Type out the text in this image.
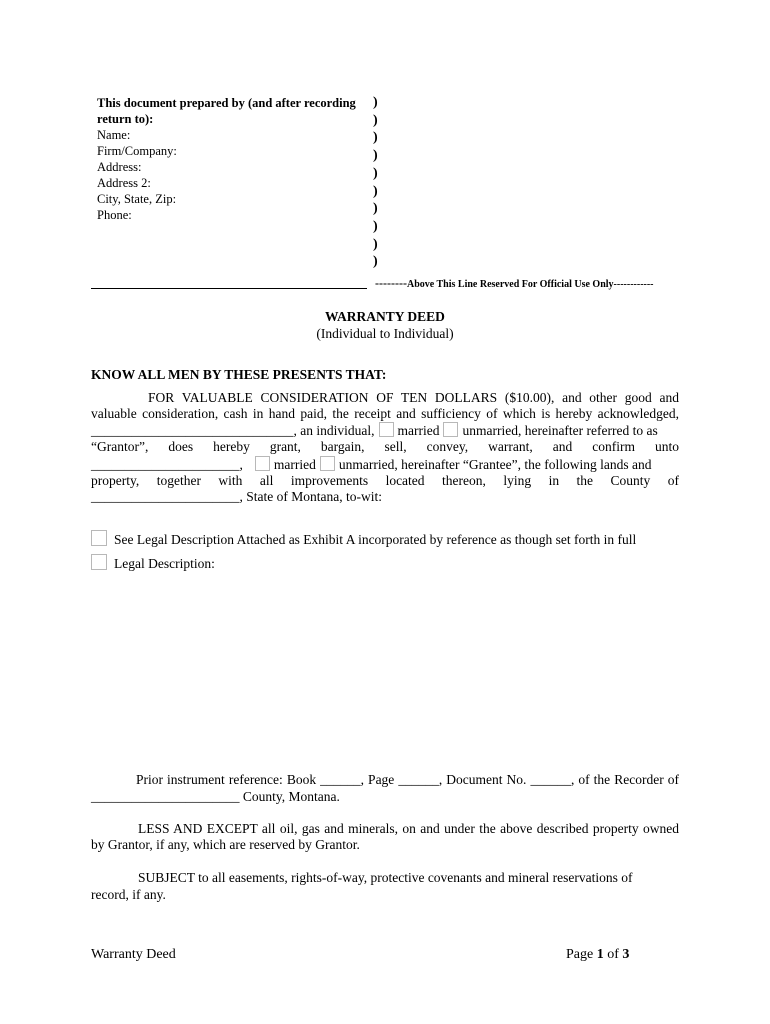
This document prepared by (and after recording
return to):
Name:
Firm/Company:
Address:
Address 2:
City, State, Zip:
Phone:
)
)
)
)
)
)
)
)
)
)
--------Above This Line Reserved For Official Use Only------------
WARRANTY DEED
(Individual to Individual)
KNOW ALL MEN BY THESE PRESENTS THAT:
FOR VALUABLE CONSIDERATION OF TEN DOLLARS ($10.00), and other good and
valuable consideration, cash in hand paid, the receipt and sufficiency of which is hereby acknowledged,
______________________________, an individual, married unmarried, hereinafter referred to as
“Grantor”, does hereby grant, bargain, sell, convey, warrant, and confirm unto
______________________, married unmarried, hereinafter “Grantee”, the following lands and
property, together with all improvements located thereon, lying in the County of
______________________, State of Montana, to-wit:
See Legal Description Attached as Exhibit A incorporated by reference as though set forth in full
Legal Description:
Prior instrument reference: Book ______, Page ______, Document No. ______, of the Recorder of
______________________ County, Montana.
LESS AND EXCEPT all oil, gas and minerals, on and under the above described property owned
by Grantor, if any, which are reserved by Grantor.
SUBJECT to all easements, rights-of-way, protective covenants and mineral reservations of
record, if any.
Warranty Deed	Page 1 of 3
